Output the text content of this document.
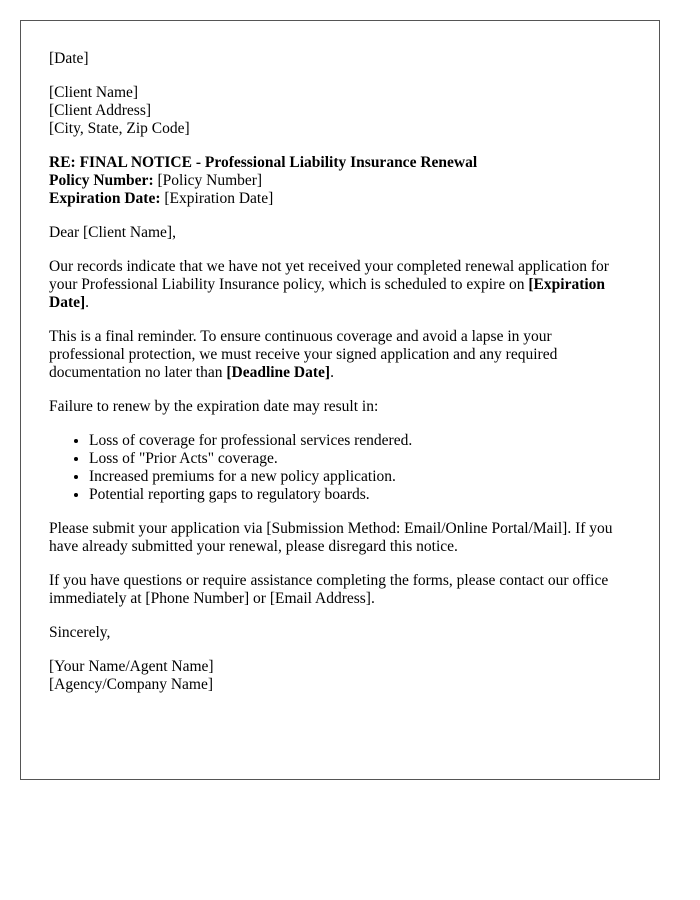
[Date]
[Client Name]
[Client Address]
[City, State, Zip Code]
RE: FINAL NOTICE - Professional Liability Insurance Renewal
Policy Number: [Policy Number]
Expiration Date: [Expiration Date]

Dear [Client Name],

Our records indicate that we have not yet received your completed renewal application for your Professional Liability Insurance policy, which is scheduled to expire on [Expiration Date].

This is a final reminder. To ensure continuous coverage and avoid a lapse in your professional protection, we must receive your signed application and any required documentation no later than [Deadline Date].

Failure to renew by the expiration date may result in:

• Loss of coverage for professional services rendered.
• Loss of "Prior Acts" coverage.
• Increased premiums for a new policy application.
• Potential reporting gaps to regulatory boards.

Please submit your application via [Submission Method: Email/Online Portal/Mail]. If you have already submitted your renewal, please disregard this notice.

If you have questions or require assistance completing the forms, please contact our office immediately at [Phone Number] or [Email Address].

Sincerely,

[Your Name/Agent Name]
[Agency/Company Name]
